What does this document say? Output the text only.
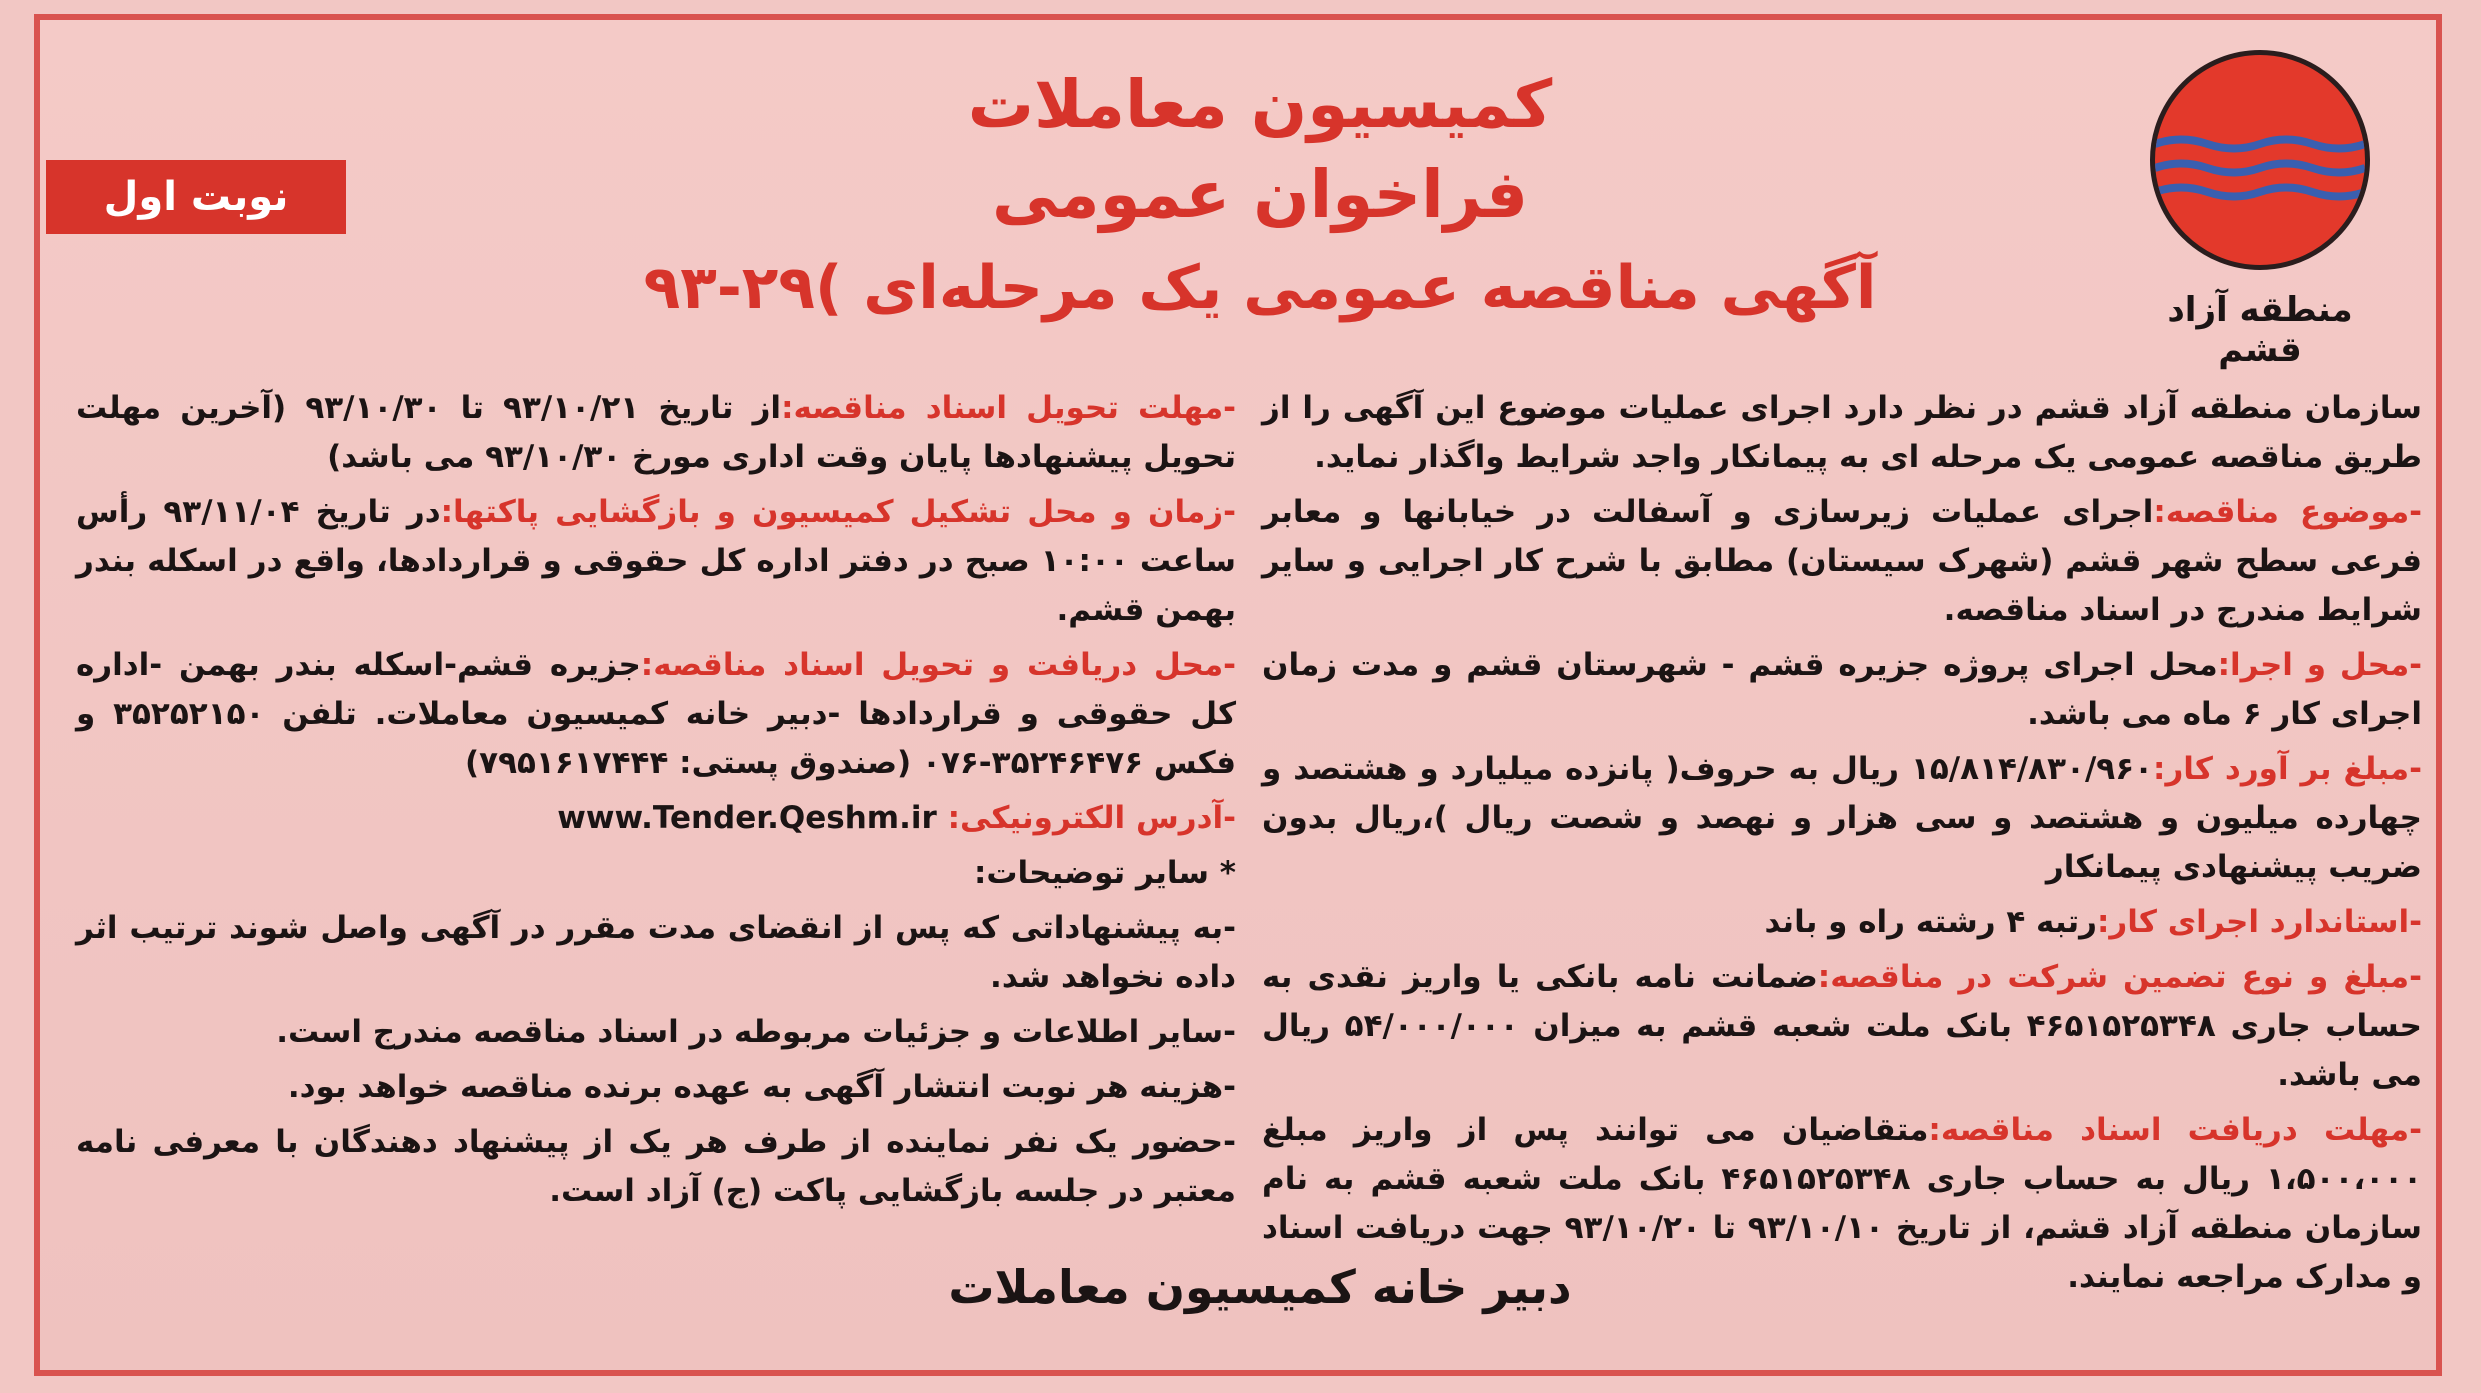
منطقه آزاد قشم
نوبت اول
کمیسیون معاملات
فراخوان عمومی
آگهی مناقصه عمومی یک مرحله‌ای )۲۹-۹۳

سازمان منطقه آزاد قشم در نظر دارد اجرای عملیات موضوع این آگهی را از طریق مناقصه عمومی یک مرحله ای به پیمانکار واجد شرایط واگذار نماید.

-موضوع مناقصه:اجرای عملیات زیرسازی و آسفالت در خیابانها و معابر فرعی سطح شهر قشم (شهرک سیستان) مطابق با شرح کار اجرایی و سایر شرایط مندرج در اسناد مناقصه.

-محل و اجرا:محل اجرای پروژه جزیره قشم - شهرستان قشم و مدت زمان اجرای کار ۶ ماه می باشد.

-مبلغ بر آورد کار:۱۵/۸۱۴/۸۳۰/۹۶۰ ریال به حروف( پانزده میلیارد و هشتصد و چهارده میلیون و هشتصد و سی هزار و نهصد و شصت ریال )،ریال بدون ضریب پیشنهادی پیمانکار

-استاندارد اجرای کار:رتبه ۴ رشته راه و باند

-مبلغ و نوع تضمین شرکت در مناقصه:ضمانت نامه بانکی یا واریز نقدی به حساب جاری ۴۶۵۱۵۲۵۳۴۸ بانک ملت شعبه قشم به میزان ۵۴/۰۰۰/۰۰۰ ریال می باشد.

-مهلت دریافت اسناد مناقصه:متقاضیان می توانند پس از واریز مبلغ ۱،۵۰۰،۰۰۰ ریال به حساب جاری ۴۶۵۱۵۲۵۳۴۸ بانک ملت شعبه قشم به نام سازمان منطقه آزاد قشم، از تاریخ ۹۳/۱۰/۱۰ تا ۹۳/۱۰/۲۰ جهت دریافت اسناد و مدارک مراجعه نمایند.

-مهلت تحویل اسناد مناقصه:از تاریخ ۹۳/۱۰/۲۱ تا ۹۳/۱۰/۳۰ (آخرین مهلت تحویل پیشنهادها پایان وقت اداری مورخ ۹۳/۱۰/۳۰ می باشد)

-زمان و محل تشکیل کمیسیون و بازگشایی پاکتها:در تاریخ ۹۳/۱۱/۰۴ رأس ساعت ۱۰:۰۰ صبح در دفتر اداره کل حقوقی و قراردادها، واقع در اسکله بندر بهمن قشم.

-محل دریافت و تحویل اسناد مناقصه:جزیره قشم-اسکله بندر بهمن -اداره کل حقوقی و قراردادها -دبیر خانه کمیسیون معاملات. تلفن ۳۵۲۵۲۱۵۰ و فکس ۳۵۲۴۶۴۷۶-۰۷۶ (صندوق پستی: ۷۹۵۱۶۱۷۴۴۴)

-آدرس الکترونیکی: www.Tender.Qeshm.ir

* سایر توضیحات:

-به پیشنهاداتی که پس از انقضای مدت مقرر در آگهی واصل شوند ترتیب اثر داده نخواهد شد.

-سایر اطلاعات و جزئیات مربوطه در اسناد مناقصه مندرج است.

-هزینه هر نوبت انتشار آگهی به عهده برنده مناقصه خواهد بود.

-حضور یک نفر نماینده از طرف هر یک از پیشنهاد دهندگان با معرفی نامه معتبر در جلسه بازگشایی پاکت (ج) آزاد است.

دبیر خانه کمیسیون معاملات
